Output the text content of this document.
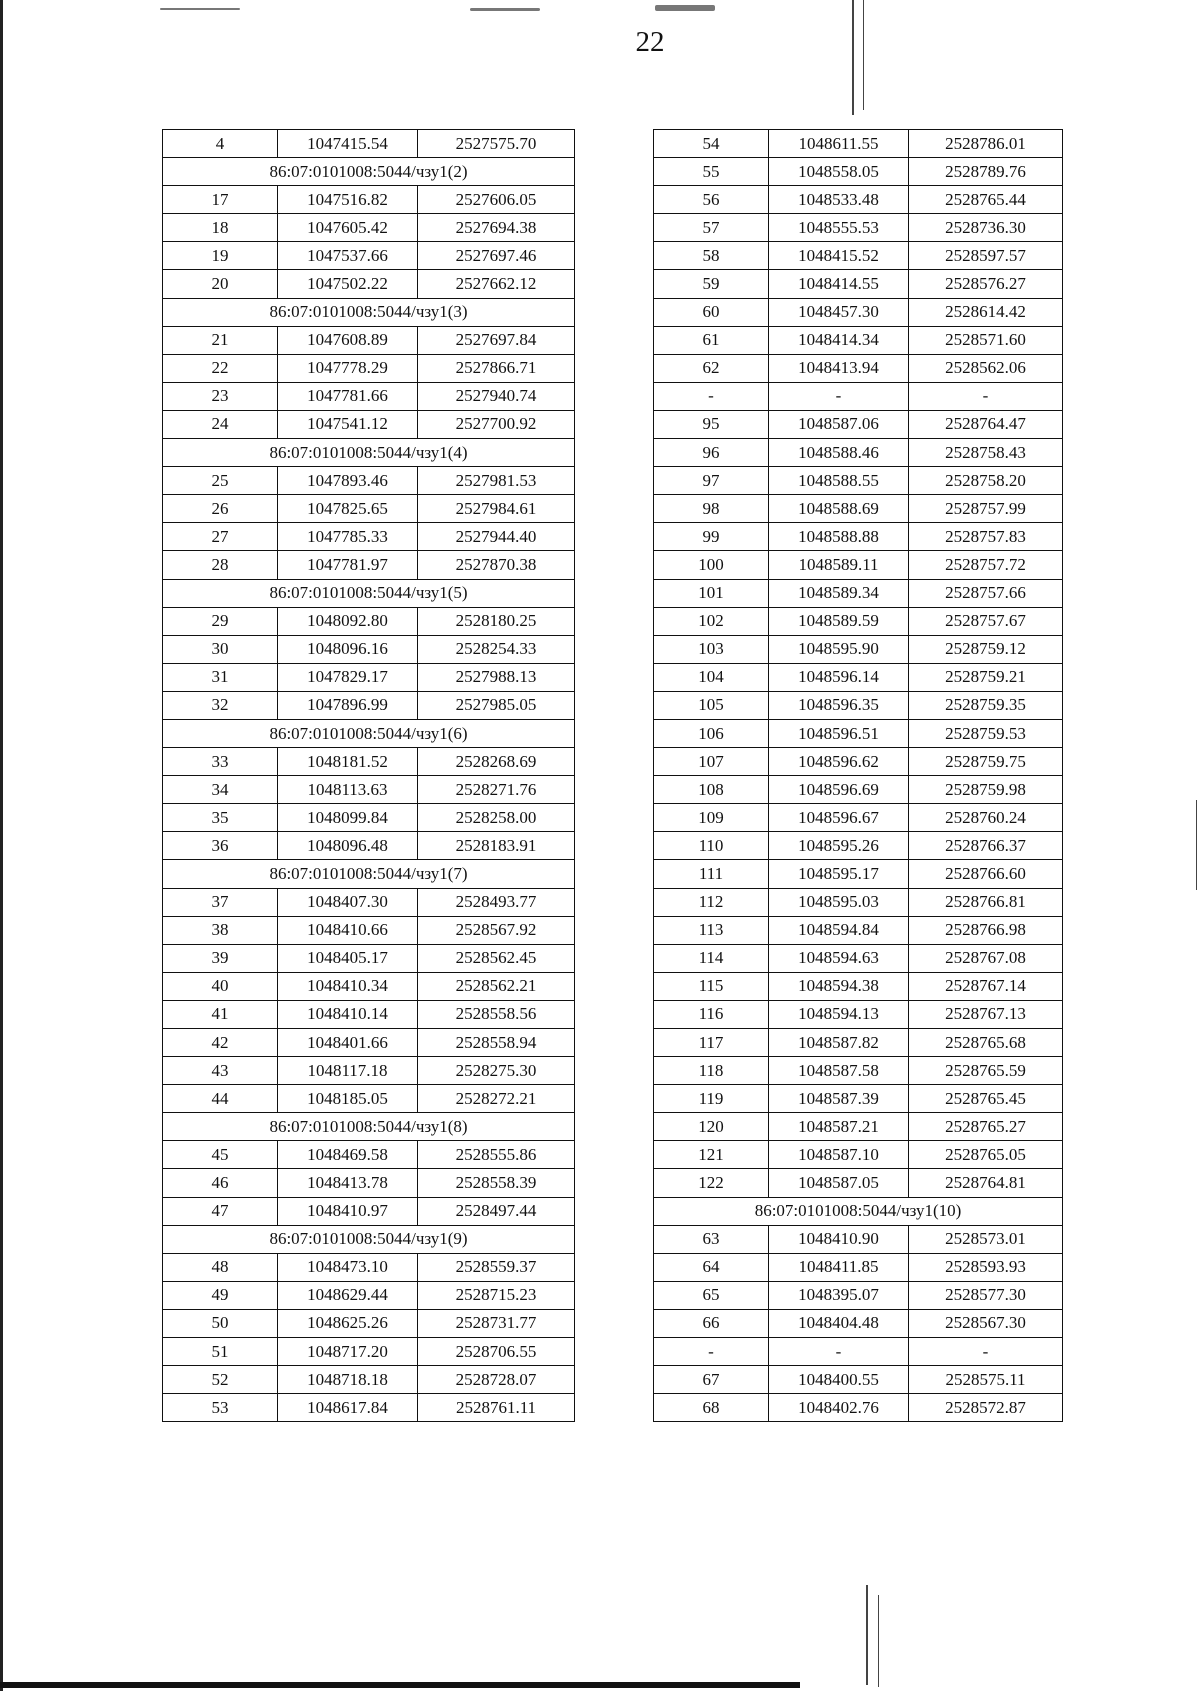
22
4	1047415.54	2527575.70
86:07:0101008:5044/чзу1(2)		
17	1047516.82	2527606.05
18	1047605.42	2527694.38
19	1047537.66	2527697.46
20	1047502.22	2527662.12
86:07:0101008:5044/чзу1(3)		
21	1047608.89	2527697.84
22	1047778.29	2527866.71
23	1047781.66	2527940.74
24	1047541.12	2527700.92
86:07:0101008:5044/чзу1(4)		
25	1047893.46	2527981.53
26	1047825.65	2527984.61
27	1047785.33	2527944.40
28	1047781.97	2527870.38
86:07:0101008:5044/чзу1(5)		
29	1048092.80	2528180.25
30	1048096.16	2528254.33
31	1047829.17	2527988.13
32	1047896.99	2527985.05
86:07:0101008:5044/чзу1(6)		
33	1048181.52	2528268.69
34	1048113.63	2528271.76
35	1048099.84	2528258.00
36	1048096.48	2528183.91
86:07:0101008:5044/чзу1(7)		
37	1048407.30	2528493.77
38	1048410.66	2528567.92
39	1048405.17	2528562.45
40	1048410.34	2528562.21
41	1048410.14	2528558.56
42	1048401.66	2528558.94
43	1048117.18	2528275.30
44	1048185.05	2528272.21
86:07:0101008:5044/чзу1(8)		
45	1048469.58	2528555.86
46	1048413.78	2528558.39
47	1048410.97	2528497.44
86:07:0101008:5044/чзу1(9)		
48	1048473.10	2528559.37
49	1048629.44	2528715.23
50	1048625.26	2528731.77
51	1048717.20	2528706.55
52	1048718.18	2528728.07
53	1048617.84	2528761.11
54	1048611.55	2528786.01
55	1048558.05	2528789.76
56	1048533.48	2528765.44
57	1048555.53	2528736.30
58	1048415.52	2528597.57
59	1048414.55	2528576.27
60	1048457.30	2528614.42
61	1048414.34	2528571.60
62	1048413.94	2528562.06
-	-	-
95	1048587.06	2528764.47
96	1048588.46	2528758.43
97	1048588.55	2528758.20
98	1048588.69	2528757.99
99	1048588.88	2528757.83
100	1048589.11	2528757.72
101	1048589.34	2528757.66
102	1048589.59	2528757.67
103	1048595.90	2528759.12
104	1048596.14	2528759.21
105	1048596.35	2528759.35
106	1048596.51	2528759.53
107	1048596.62	2528759.75
108	1048596.69	2528759.98
109	1048596.67	2528760.24
110	1048595.26	2528766.37
111	1048595.17	2528766.60
112	1048595.03	2528766.81
113	1048594.84	2528766.98
114	1048594.63	2528767.08
115	1048594.38	2528767.14
116	1048594.13	2528767.13
117	1048587.82	2528765.68
118	1048587.58	2528765.59
119	1048587.39	2528765.45
120	1048587.21	2528765.27
121	1048587.10	2528765.05
122	1048587.05	2528764.81
86:07:0101008:5044/чзу1(10)		
63	1048410.90	2528573.01
64	1048411.85	2528593.93
65	1048395.07	2528577.30
66	1048404.48	2528567.30
-	-	-
67	1048400.55	2528575.11
68	1048402.76	2528572.87
